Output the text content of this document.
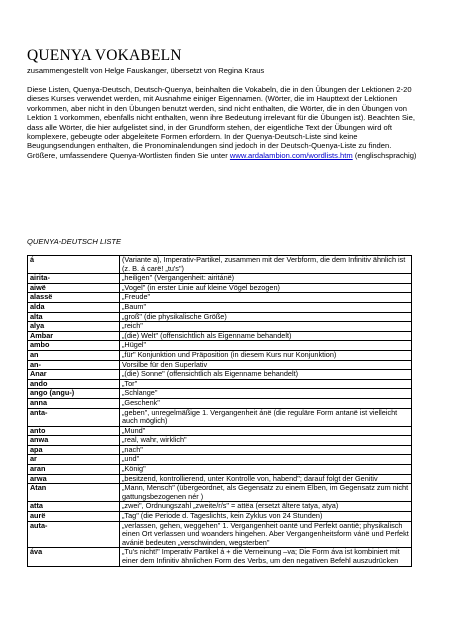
QUENYA VOKABELN
zusammengestellt von Helge Fauskanger, übersetzt von Regina Kraus

Diese Listen, Quenya-Deutsch, Deutsch-Quenya, beinhalten die Vokabeln, die in den Übungen der Lektionen 2-20 dieses Kurses verwendet werden, mit Ausnahme einiger Eigennamen. (Wörter, die im Haupttext der Lektionen vorkommen, aber nicht in den Übungen benutzt werden, sind nicht enthalten, die Wörter, die in den Übungen von Lektion 1 vorkommen, ebenfalls nicht enthalten, wenn ihre Bedeutung irrelevant für die Übungen ist). Beachten Sie, dass alle Wörter, die hier aufgelistet sind, in der Grundform stehen, der eigentliche Text der Übungen wird oft komplexere, gebeugte oder abgeleitete Formen erfordern. In der Quenya-Deutsch-Liste sind keine Beugungsendungen enthalten, die Pronominalendungen sind jedoch in der Deutsch-Quenya-Liste zu finden. Größere, umfassendere Quenya-Wortlisten finden Sie unter www.ardalambion.com/wordlists.htm (englischsprachig)

QUENYA-DEUTSCH LISTE
á	(Variante a), Imperativ-Partikel, zusammen mit der Verbform, die dem Infinitiv ähnlich ist (z. B. á carë! „tu's")
airita-	„heiligen" (Vergangenheit: airitánë)
aiwë	„Vogel" (in erster Linie auf kleine Vögel bezogen)
alassë	„Freude"
alda	„Baum"
alta	„groß" (die physikalische Größe)
alya	„reich"
Ambar	„(die) Welt" (offensichtlich als Eigenname behandelt)
ambo	„Hügel"
an	„für" Konjunktion und Präposition (in diesem Kurs nur Konjunktion)
an-	Vorsilbe für den Superlativ
Anar	„(die) Sonne" (offensichtlich als Eigenname behandelt)
ando	„Tor"
ango (angu-)	„Schlange"
anna	„Geschenk"
anta-	„geben", unregelmäßige 1. Vergangenheit ánë (die reguläre Form antanë ist vielleicht auch möglich)
anto	„Mund"
anwa	„real, wahr, wirklich"
apa	„nach"
ar	„und"
aran	„König"
arwa	„besitzend, kontrollierend, unter Kontrolle von, habend"; darauf folgt der Genitiv
Atan	„Mann, Mensch" (übergeordnet, als Gegensatz zu einem Elben, im Gegensatz zum nicht gattungsbezogenen nér )
atta	„zwei", Ordnungszahl „zweite/r/s" = attëa (ersetzt ältere tatya, atya)
aurë	„Tag" (die Periode d. Tageslichts, kein Zyklus von 24 Stunden)
auta-	„verlassen, gehen, weggehen" 1. Vergangenheit oantë und Perfekt oantië; physikalisch einen Ort verlassen und woanders hingehen. Aber Vergangenheitsform vánë und Perfekt avánië bedeuten „verschwinden, wegsterben"
áva	„Tu's nicht!" Imperativ Partikel á + die Verneinung –va; Die Form áva ist kombiniert mit einer dem Infinitiv ähnlichen Form des Verbs, um den negativen Befehl auszudrücken
